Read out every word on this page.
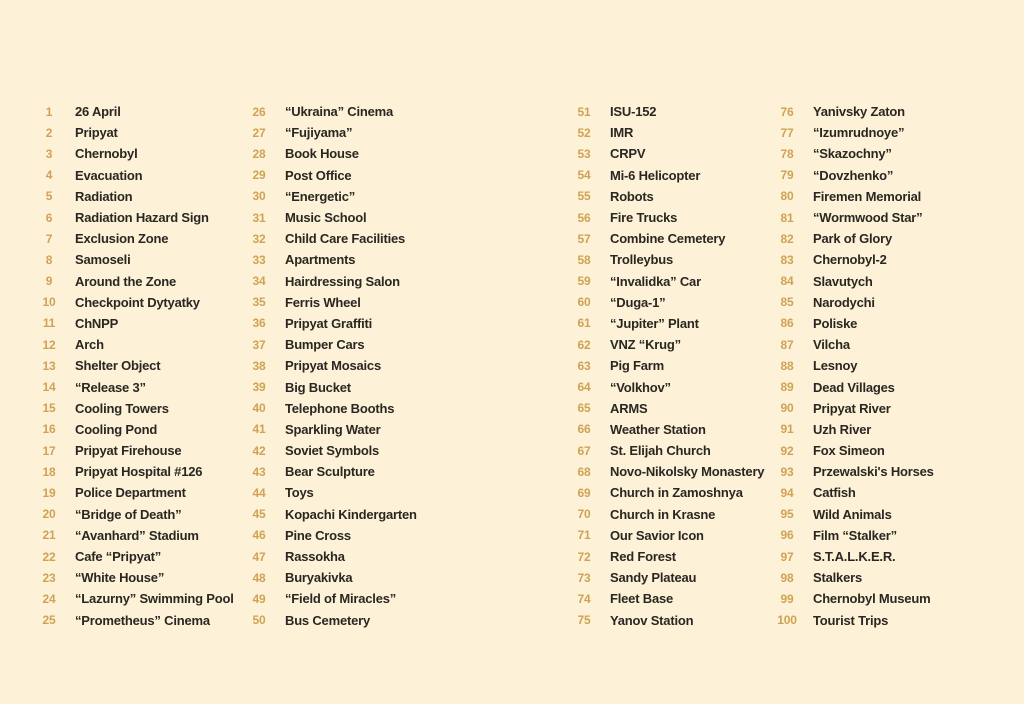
1	26 April
2	Pripyat
3	Chernobyl
4	Evacuation
5	Radiation
6	Radiation Hazard Sign
7	Exclusion Zone
8	Samoseli
9	Around the Zone
10	Checkpoint Dytyatky
11	ChNPP
12	Arch
13	Shelter Object
14	“Release 3”
15	Cooling Towers
16	Cooling Pond
17	Pripyat Firehouse
18	Pripyat Hospital #126
19	Police Department
20	“Bridge of Death”
21	“Avanhard” Stadium
22	Cafe “Pripyat”
23	“White House”
24	“Lazurny” Swimming Pool
25	“Prometheus” Cinema
26	“Ukraina” Cinema
27	“Fujiyama”
28	Book House
29	Post Office
30	“Energetic”
31	Music School
32	Child Care Facilities
33	Apartments
34	Hairdressing Salon
35	Ferris Wheel
36	Pripyat Graffiti
37	Bumper Cars
38	Pripyat Mosaics
39	Big Bucket
40	Telephone Booths
41	Sparkling Water
42	Soviet Symbols
43	Bear Sculpture
44	Toys
45	Kopachi Kindergarten
46	Pine Cross
47	Rassokha
48	Buryakivka
49	“Field of Miracles”
50	Bus Cemetery
51	ISU-152
52	IMR
53	CRPV
54	Mi-6 Helicopter
55	Robots
56	Fire Trucks
57	Combine Cemetery
58	Trolleybus
59	“Invalidka” Car
60	“Duga-1”
61	“Jupiter” Plant
62	VNZ “Krug”
63	Pig Farm
64	“Volkhov”
65	ARMS
66	Weather Station
67	St. Elijah Church
68	Novo-Nikolsky Monastery
69	Church in Zamoshnya
70	Church in Krasne
71	Our Savior Icon
72	Red Forest
73	Sandy Plateau
74	Fleet Base
75	Yanov Station
76	Yanivsky Zaton
77	“Izumrudnoye”
78	“Skazochny”
79	“Dovzhenko”
80	Firemen Memorial
81	“Wormwood Star”
82	Park of Glory
83	Chernobyl-2
84	Slavutych
85	Narodychi
86	Poliske
87	Vilcha
88	Lesnoy
89	Dead Villages
90	Pripyat River
91	Uzh River
92	Fox Simeon
93	Przewalski's Horses
94	Catfish
95	Wild Animals
96	Film “Stalker”
97	S.T.A.L.K.E.R.
98	Stalkers
99	Chernobyl Museum
100	Tourist Trips
